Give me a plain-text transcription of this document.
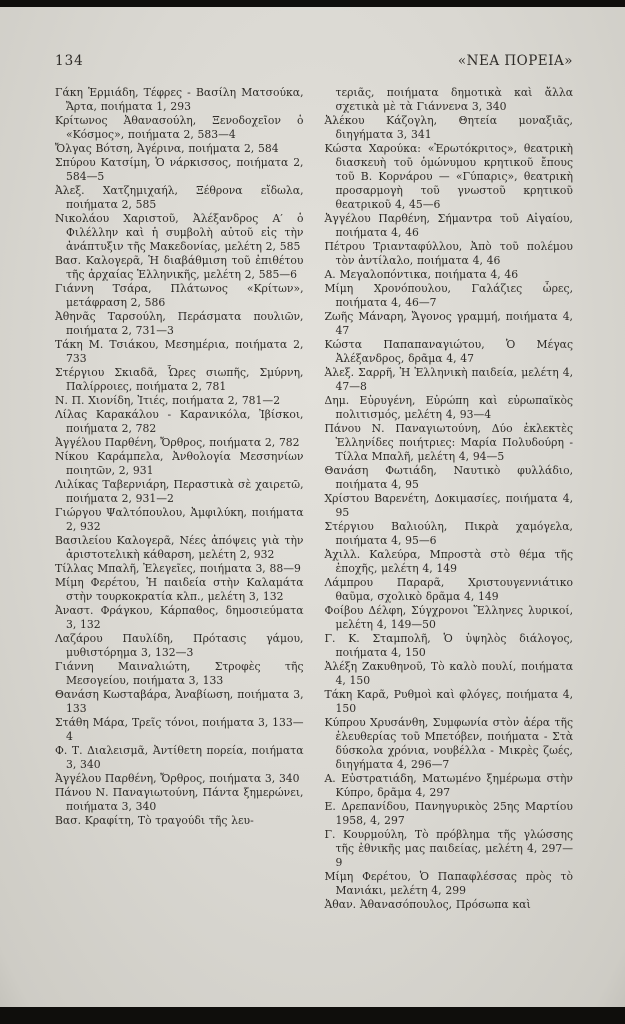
134	«ΝΕΑ ΠΟΡΕΙΑ»

Γάκη Ἑρμιάδη, Τέφρες - Βασίλη Ματσούκα, Ἄρτα, ποιήματα 1, 293

Κρίτωνος Ἀθανασούλη, Ξενοδοχεῖον ὁ «Κόσμος», ποιήματα 2, 583—4

Ὄλγας Βότση, Ἀγέρινα, ποιήματα 2, 584

Σπύρου Κατσίμη, Ὁ νάρκισσος, ποιήματα 2, 584—5

Ἀλεξ. Χατζημιχαήλ, Ξέθρονα εἴδωλα, ποιήματα 2, 585

Νικολάου Χαριστοῦ, Ἀλέξανδρος Α′ ὁ Φιλέλλην καὶ ἡ συμβολὴ αὐτοῦ εἰς τὴν ἀνάπτυξιν τῆς Μακεδονίας, μελέτη 2, 585

Βασ. Καλογερᾶ, Ἡ διαβάθμιση τοῦ ἐπιθέτου τῆς ἀρχαίας Ἑλληνικῆς, μελέτη 2, 585—6

Γιάννη Τσάρα, Πλάτωνος «Κρίτων», μετάφραση 2, 586

Ἀθηνᾶς Ταρσούλη, Περάσματα πουλιῶν, ποιήματα 2, 731—3

Τάκη Μ. Τσιάκου, Μεσημέρια, ποιήματα 2, 733

Στέργιου Σκιαδᾶ, Ὧρες σιωπῆς, Σμύρνη, Παλίρροιες, ποιήματα 2, 781

Ν. Π. Χιονίδη, Ἰτιές, ποιήματα 2, 781—2

Λίλας Καρακάλου - Καρανικόλα, Ἰβίσκοι, ποιήματα 2, 782

Ἀγγέλου Παρθένη, Ὄρθρος, ποιήματα 2, 782

Νίκου Καράμπελα, Ἀνθολογία Μεσσηνίων ποιητῶν, 2, 931

Λιλίκας Ταβερνιάρη, Περαστικὰ σὲ χαιρετῶ, ποιήματα 2, 931—2

Γιώργου Ψαλτόπουλου, Ἀμφιλύκη, ποιήματα 2, 932

Βασιλείου Καλογερᾶ, Νέες ἀπόψεις γιὰ τὴν ἀριστοτελικὴ κάθαρση, μελέτη 2, 932

Τίλλας Μπαλῆ, Ἐλεγεῖες, ποιήματα 3, 88—9

Μίμη Φερέτου, Ἡ παιδεία στὴν Καλαμάτα στὴν τουρκοκρατία κλπ., μελέτη 3, 132

Ἀναστ. Φράγκου, Κάρπαθος, δημοσιεύματα 3, 132

Λαζάρου Παυλίδη, Πρότασις γάμου, μυθιστόρημα 3, 132—3

Γιάννη Μαιναλιώτη, Στροφὲς τῆς Μεσογείου, ποιήματα 3, 133

Θανάση Κωσταβάρα, Ἀναβίωση, ποιήματα 3, 133

Στάθη Μάρα, Τρεῖς τόνοι, ποιήματα 3, 133—4

Φ. Τ. Διαλεισμᾶ, Ἀντίθετη πορεία, ποιήματα 3, 340

Ἀγγέλου Παρθένη, Ὄρθρος, ποιήματα 3, 340

Πάνου Ν. Παναγιωτούνη, Πάντα ξημερώνει, ποιήματα 3, 340

Βασ. Κραφίτη, Τὸ τραγούδι τῆς λευ-

τεριᾶς, ποιήματα δημοτικὰ καὶ ἄλλα σχετικὰ μὲ τὰ Γιάννενα 3, 340

Ἀλέκου Κάζογλη, Θητεία μοναξιᾶς, διηγήματα 3, 341

Κώστα Χαρούκα: «Ἐρωτόκριτος», θεατρικὴ διασκευὴ τοῦ ὁμώνυμου κρητικοῦ ἔπους τοῦ Β. Κορνάρου — «Γύπαρις», θεατρικὴ προσαρμογὴ τοῦ γνωστοῦ κρητικοῦ θεατρικοῦ 4, 45—6

Ἀγγέλου Παρθένη, Σήμαντρα τοῦ Αἰγαίου, ποιήματα 4, 46

Πέτρου Τριανταφύλλου, Ἀπὸ τοῦ πολέμου τὸν ἀντίλαλο, ποιήματα 4, 46

Α. Μεγαλοπόντικα, ποιήματα 4, 46

Μίμη Χρονόπουλου, Γαλάζιες ὧρες, ποιήματα 4, 46—7

Ζωῆς Μάναρη, Ἄγονος γραμμή, ποιήματα 4, 47

Κώστα Παπαπαναγιώτου, Ὁ Μέγας Ἀλέξανδρος, δρᾶμα 4, 47

Ἀλεξ. Σαρρῆ, Ἡ Ἑλληνικὴ παιδεία, μελέτη 4, 47—8

Δημ. Εὐρυγένη, Εὐρώπη καὶ εὐρωπαϊκὸς πολιτισμός, μελέτη 4, 93—4

Πάνου Ν. Παναγιωτούνη, Δύο ἐκλεκτὲς Ἑλληνίδες ποιήτριες: Μαρία Πολυδούρη - Τίλλα Μπαλῆ, μελέτη 4, 94—5

Θανάση Φωτιάδη, Ναυτικὸ φυλλάδιο, ποιήματα 4, 95

Χρίστου Βαρενέτη, Δοκιμασίες, ποιήματα 4, 95

Στέργιου Βαλιούλη, Πικρὰ χαμόγελα, ποιήματα 4, 95—6

Ἀχιλλ. Καλεύρα, Μπροστὰ στὸ θέμα τῆς ἐποχῆς, μελέτη 4, 149

Λάμπρου Παραρᾶ, Χριστουγεννιάτικο θαῦμα, σχολικὸ δρᾶμα 4, 149

Φοίβου Δέλφη, Σύγχρονοι Ἕλληνες λυρικοί, μελέτη 4, 149—50

Γ. Κ. Σταμπολῆ, Ὁ ὑψηλὸς διάλογος, ποιήματα 4, 150

Ἀλέξη Ζακυθηνοῦ, Τὸ καλὸ πουλί, ποιήματα 4, 150

Τάκη Καρᾶ, Ρυθμοὶ καὶ φλόγες, ποιήματα 4, 150

Κύπρου Χρυσάνθη, Συμφωνία στὸν ἀέρα τῆς ἐλευθερίας τοῦ Μπετόβεν, ποιήματα - Στὰ δύσκολα χρόνια, νουβέλλα - Μικρὲς ζωές, διηγήματα 4, 296—7

Α. Εὐστρατιάδη, Ματωμένο ξημέρωμα στὴν Κύπρο, δρᾶμα 4, 297

Ε. Δρεπανίδου, Πανηγυρικὸς 25ης Μαρτίου 1958, 4, 297

Γ. Κουρμούλη, Τὸ πρόβλημα τῆς γλώσσης τῆς ἐθνικῆς μας παιδείας, μελέτη 4, 297—9

Μίμη Φερέτου, Ὁ Παπαφλέσσας πρὸς τὸ Μανιάκι, μελέτη 4, 299

Ἀθαν. Ἀθανασόπουλος, Πρόσωπα καὶ
